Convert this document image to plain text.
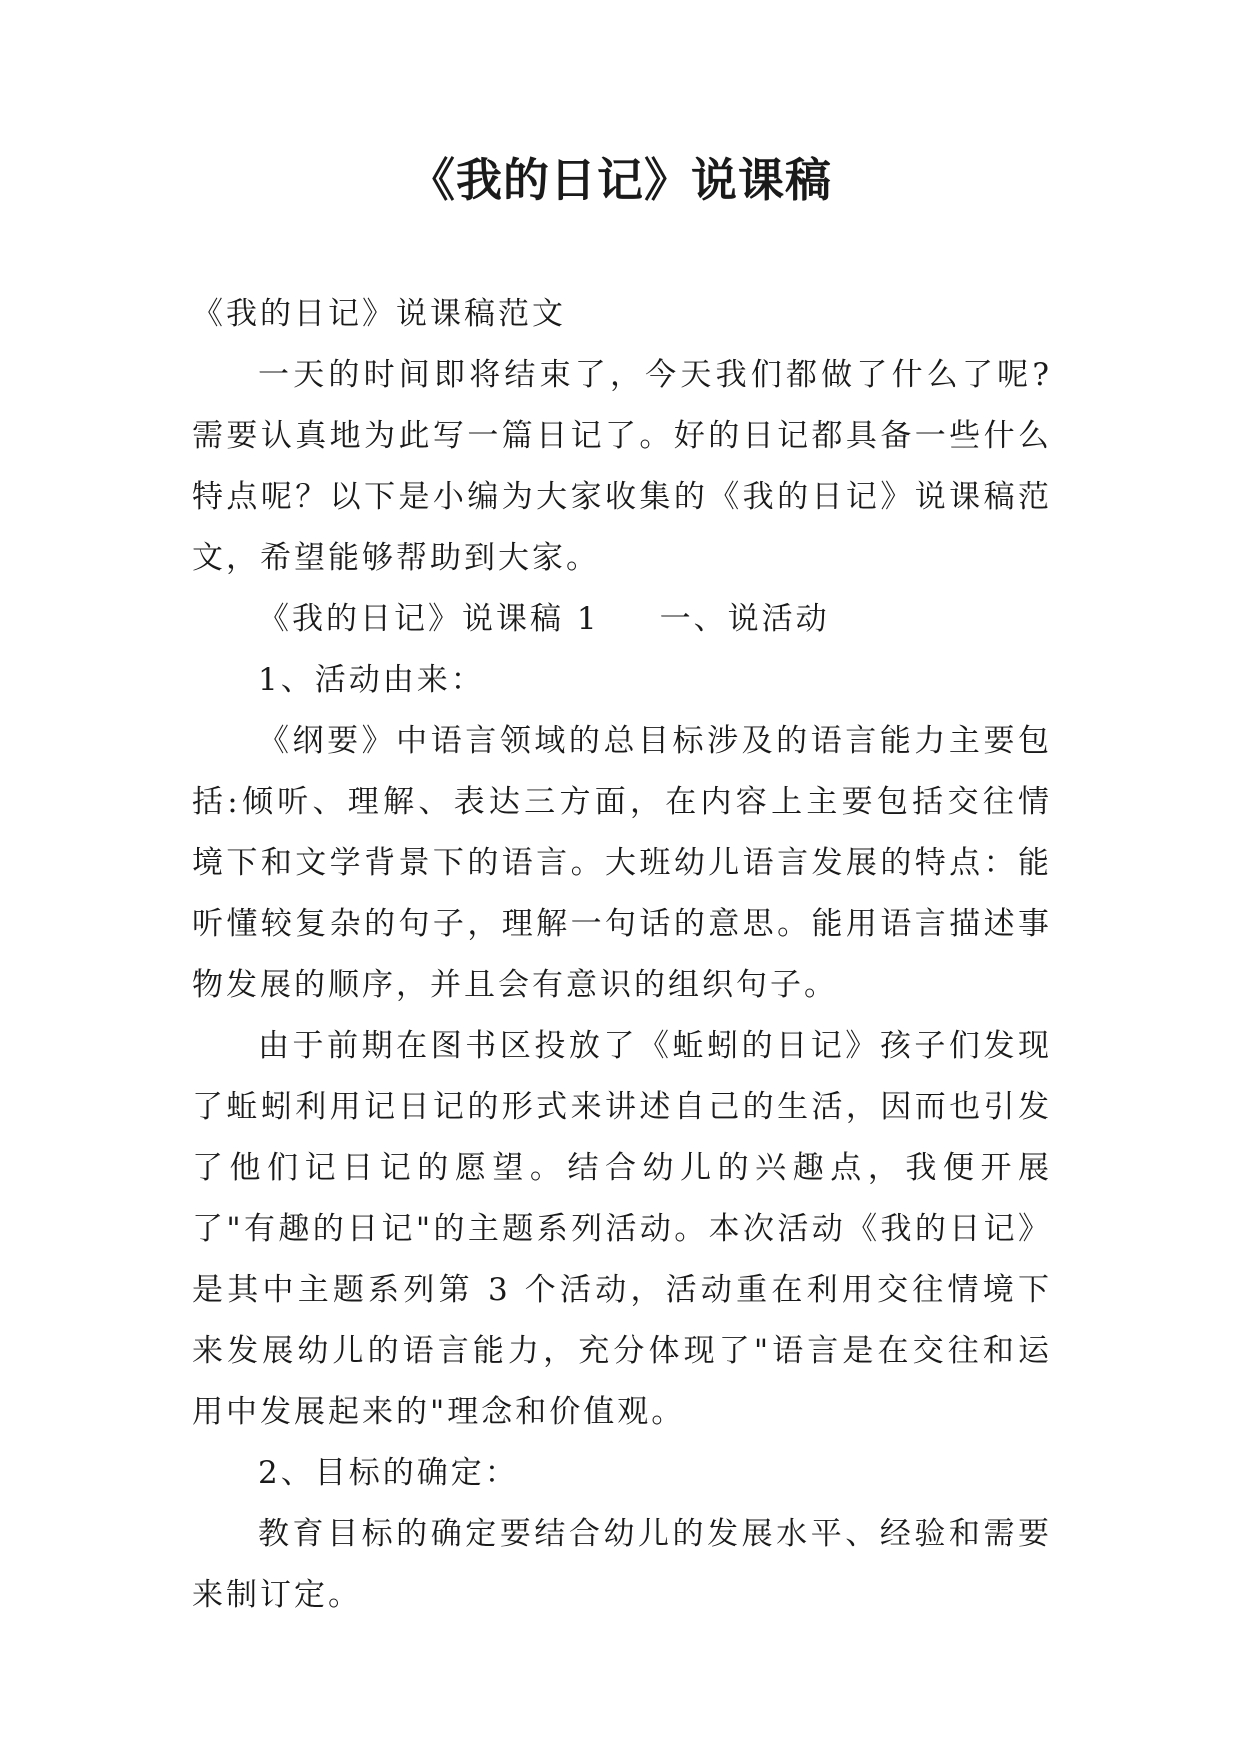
《我的日记》说课稿

《我的日记》说课稿范文

一天的时间即将结束了，今天我们都做了什么了呢?需要认真地为此写一篇日记了。好的日记都具备一些什么特点呢？以下是小编为大家收集的《我的日记》说课稿范文，希望能够帮助到大家。

《我的日记》说课稿 1 一、说活动

1、活动由来：

《纲要》中语言领域的总目标涉及的语言能力主要包括:倾听、理解、表达三方面，在内容上主要包括交往情境下和文学背景下的语言。大班幼儿语言发展的特点：能听懂较复杂的句子，理解一句话的意思。能用语言描述事物发展的顺序，并且会有意识的组织句子。

由于前期在图书区投放了《蚯蚓的日记》孩子们发现了蚯蚓利用记日记的形式来讲述自己的生活，因而也引发了他们记日记的愿望。结合幼儿的兴趣点，我便开展了"有趣的日记"的主题系列活动。本次活动《我的日记》是其中主题系列第 3 个活动，活动重在利用交往情境下来发展幼儿的语言能力，充分体现了"语言是在交往和运用中发展起来的"理念和价值观。

2、目标的确定：

教育目标的确定要结合幼儿的发展水平、经验和需要来制订定。
